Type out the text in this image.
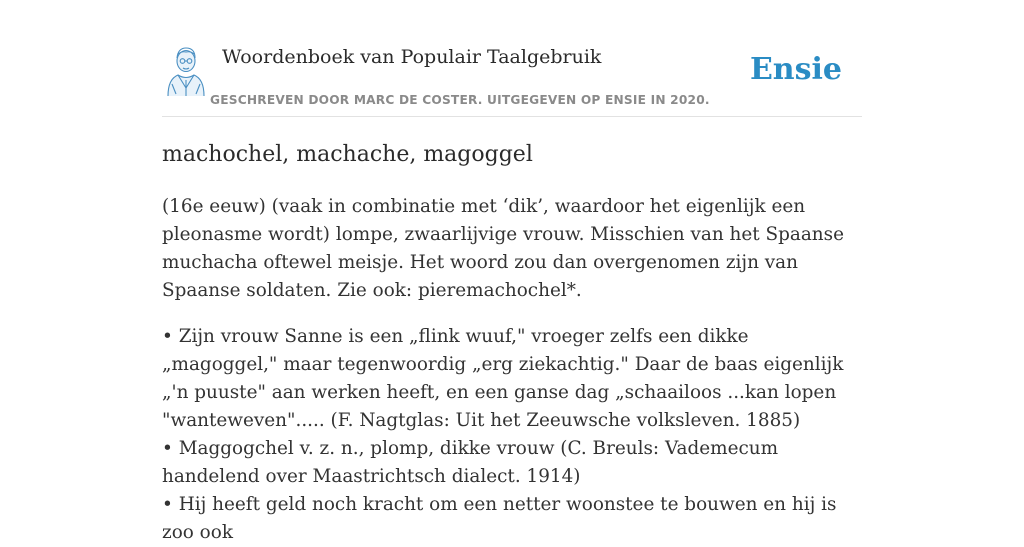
Woordenboek van Populair Taalgebruik
GESCHREVEN DOOR MARC DE COSTER. UITGEGEVEN OP ENSIE IN 2020.
Ensie
machochel, machache, magoggel

(16e eeuw) (vaak in combinatie met ‘dik’, waardoor het eigenlijk een pleonasme wordt) lompe, zwaarlijvige vrouw. Misschien van het Spaanse muchacha oftewel meisje. Het woord zou dan overgenomen zijn van Spaanse soldaten. Zie ook: pieremachochel*.

• Zijn vrouw Sanne is een „flink wuuf," vroeger zelfs een dikke „magoggel," maar tegenwoordig „erg ziekachtig." Daar de baas eigenlijk „'n puuste" aan werken heeft, en een ganse dag „schaailoos ...kan lopen "wanteweven"..... (F. Nagtglas: Uit het Zeeuwsche volksleven. 1885)

• Maggogchel v. z. n., plomp, dikke vrouw (C. Breuls: Vademecum handelend over Maastrichtsch dialect. 1914)

• Hij heeft geld noch kracht om een netter woonstee te bouwen en hij is zoo ook
